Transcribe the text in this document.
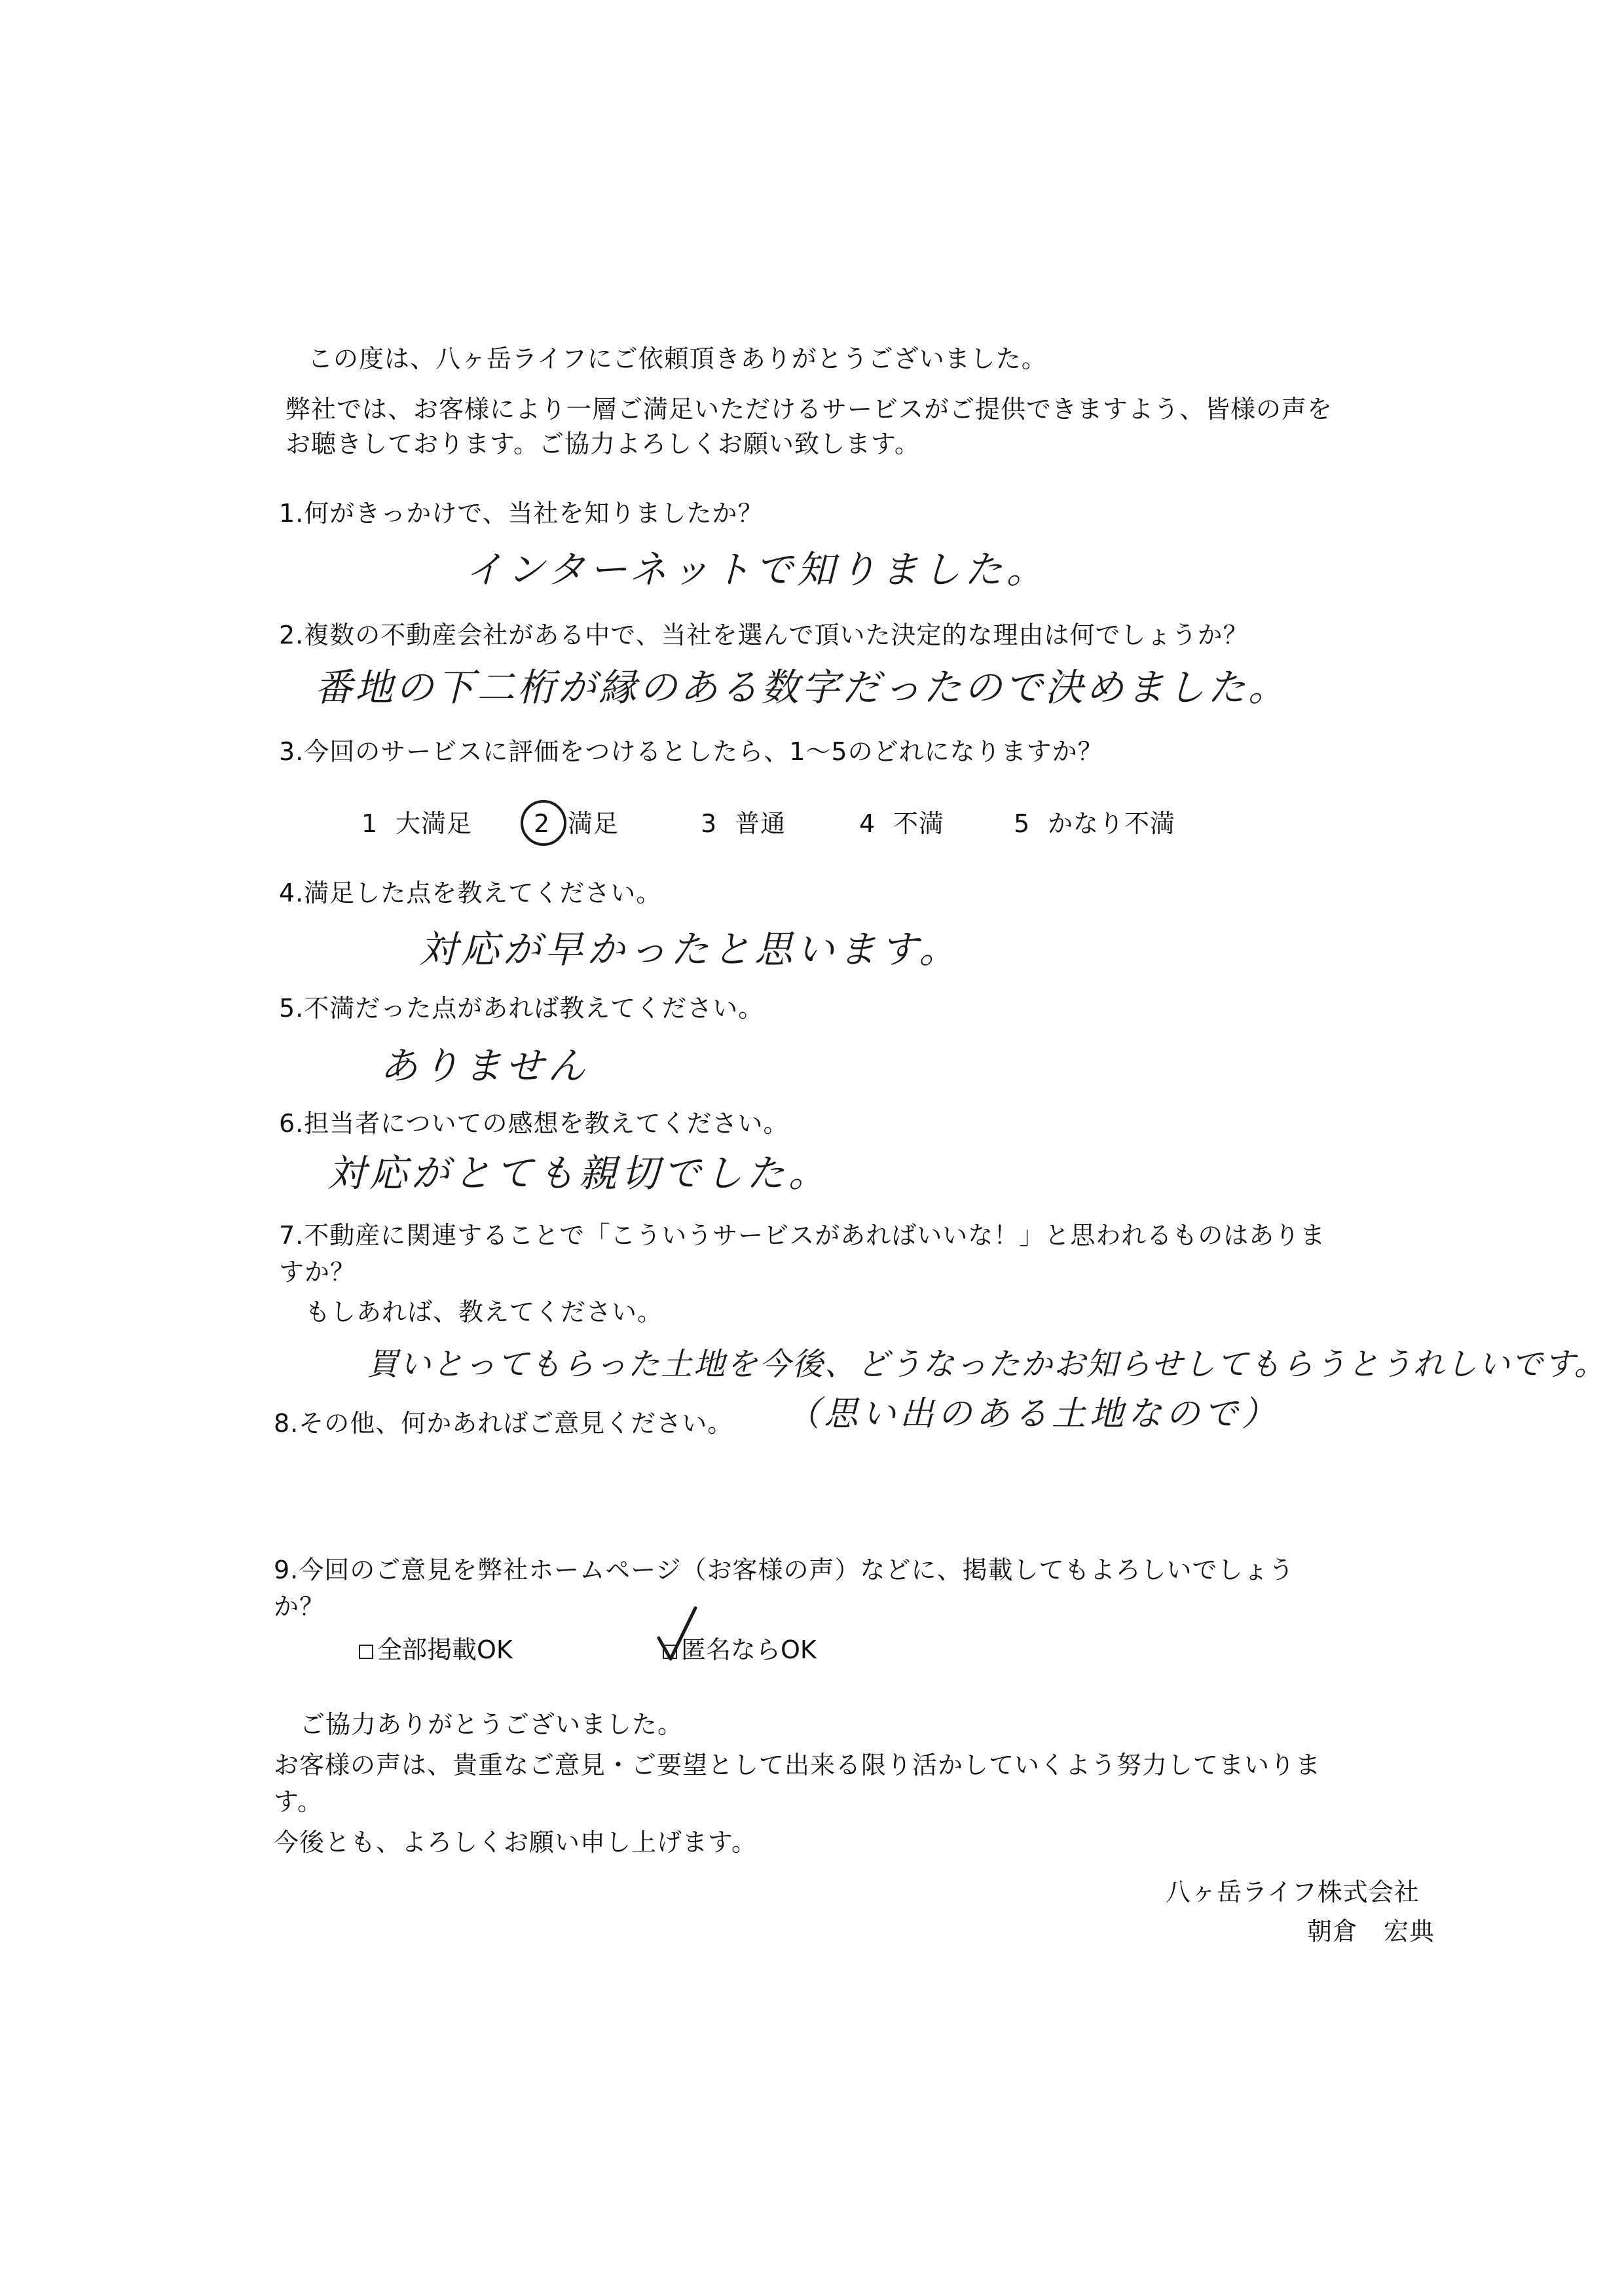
この度は、八ヶ岳ライフにご依頼頂きありがとうございました。
弊社では、お客様により一層ご満足いただけるサービスがご提供できますよう、皆様の声を
お聴きしております。ご協力よろしくお願い致します。
1.何がきっかけで、当社を知りましたか？
インターネットで知りました。
2.複数の不動産会社がある中で、当社を選んで頂いた決定的な理由は何でしょうか？
番地の下二桁が縁のある数字だったので決めました。
3.今回のサービスに評価をつけるとしたら、1～5のどれになりますか？
1 大満足 2 満足	3 普通	4 不満	5 かなり不満
4.満足した点を教えてください。
対応が早かったと思います。
5.不満だった点があれば教えてください。
ありません
6.担当者についての感想を教えてください。
対応がとても親切でした。
7.不動産に関連することで「こういうサービスがあればいいな！」と思われるものはありま
すか？
もしあれば、教えてください。
買いとってもらった土地を今後、どうなったかお知らせしてもらうとうれしいです。
8.その他、何かあればご意見ください。 （思い出のある土地なので）
9.今回のご意見を弊社ホームページ（お客様の声）などに、掲載してもよろしいでしょう
か？
全部掲載OK	匿名ならOK
ご協力ありがとうございました。
お客様の声は、貴重なご意見・ご要望として出来る限り活かしていくよう努力してまいりま
す。
今後とも、よろしくお願い申し上げます。
八ヶ岳ライフ株式会社
朝倉　宏典
